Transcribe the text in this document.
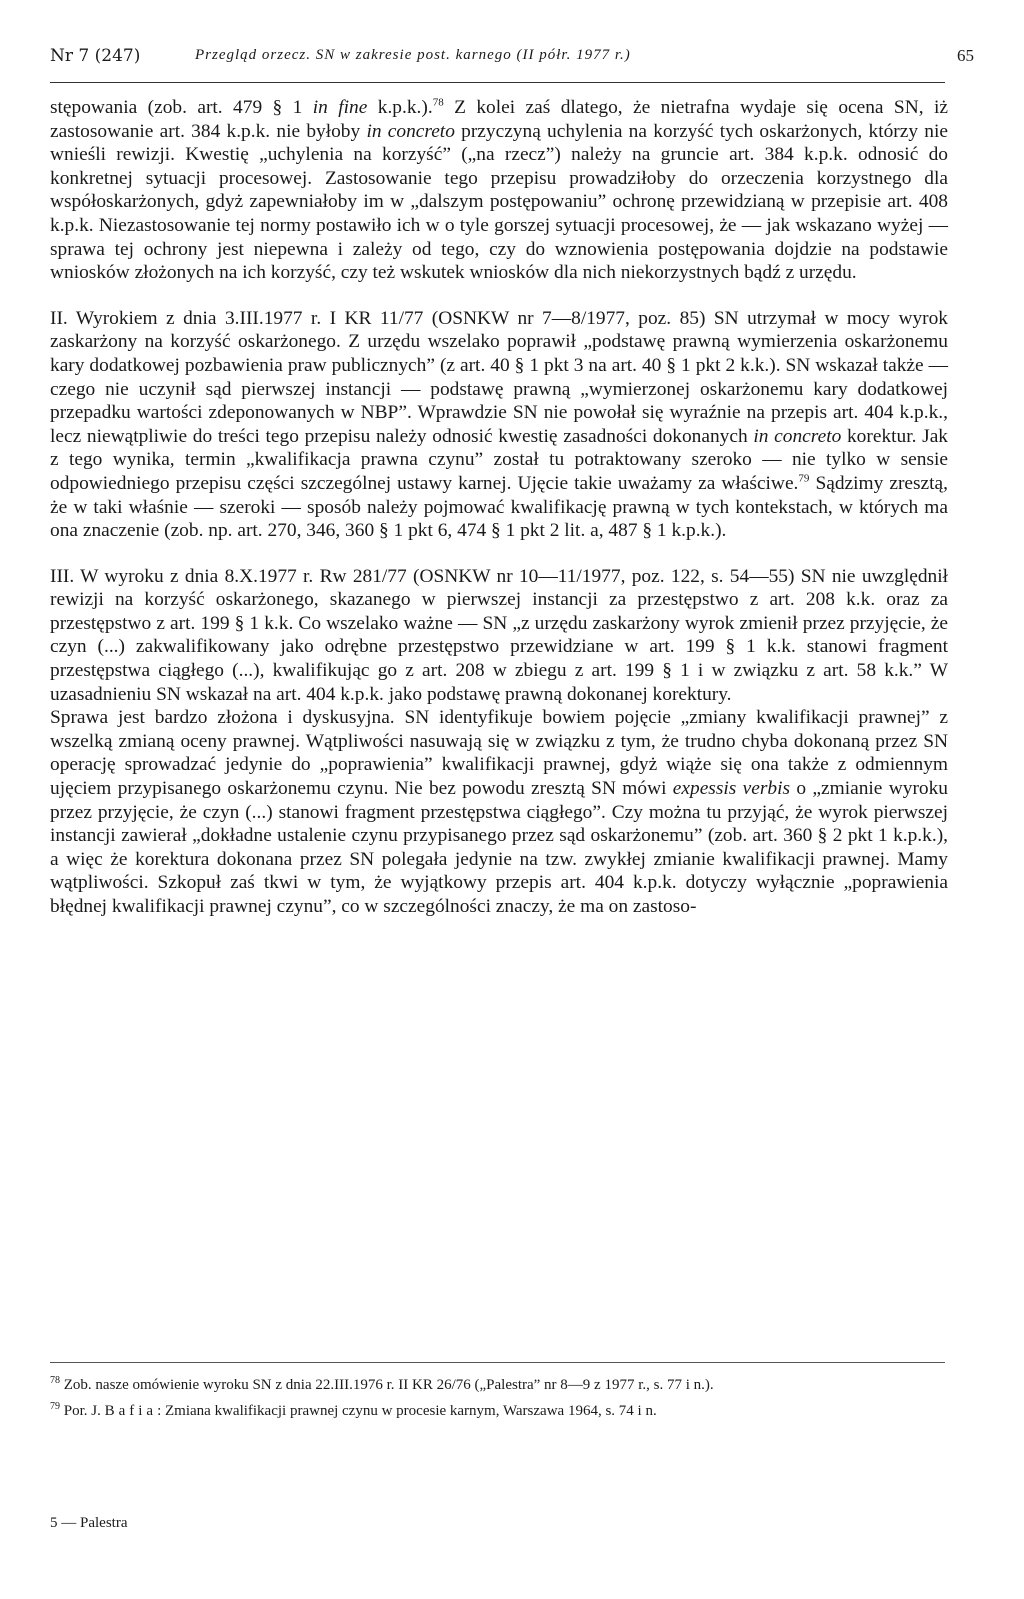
Nr 7 (247)	Przegląd orzecz. SN w zakresie post. karnego (II półr. 1977 r.)	65

stępowania (zob. art. 479 § 1 in fine k.p.k.).$^{78}$ Z kolei zaś dlatego, że nietrafna wydaje się ocena SN, iż zastosowanie art. 384 k.p.k. nie byłoby in concreto przyczyną uchylenia na korzyść tych oskarżonych, którzy nie wnieśli rewizji. Kwestię „uchylenia na korzyść” („na rzecz”) należy na gruncie art. 384 k.p.k. odnosić do konkretnej sytuacji procesowej. Zastosowanie tego przepisu prowadziłoby do orzeczenia korzystnego dla współoskarżonych, gdyż zapewniałoby im w „dalszym postępowaniu” ochronę przewidzianą w przepisie art. 408 k.p.k. Niezastosowanie tej normy postawiło ich w o tyle gorszej sytuacji procesowej, że — jak wskazano wyżej — sprawa tej ochrony jest niepewna i zależy od tego, czy do wznowienia postępowania dojdzie na podstawie wniosków złożonych na ich korzyść, czy też wskutek wniosków dla nich niekorzystnych bądź z urzędu.

II. Wyrokiem z dnia 3.III.1977 r. I KR 11/77 (OSNKW nr 7—8/1977, poz. 85) SN utrzymał w mocy wyrok zaskarżony na korzyść oskarżonego. Z urzędu wszelako poprawił „podstawę prawną wymierzenia oskarżonemu kary dodatkowej pozbawienia praw publicznych” (z art. 40 § 1 pkt 3 na art. 40 § 1 pkt 2 k.k.). SN wskazał także — czego nie uczynił sąd pierwszej instancji — podstawę prawną „wymierzonej oskarżonemu kary dodatkowej przepadku wartości zdeponowanych w NBP”. Wprawdzie SN nie powołał się wyraźnie na przepis art. 404 k.p.k., lecz niewątpliwie do treści tego przepisu należy odnosić kwestię zasadności dokonanych in concreto korektur. Jak z tego wynika, termin „kwalifikacja prawna czynu” został tu potraktowany szeroko — nie tylko w sensie odpowiedniego przepisu części szczególnej ustawy karnej. Ujęcie takie uważamy za właściwe.$^{79}$ Sądzimy zresztą, że w taki właśnie — szeroki — sposób należy pojmować kwalifikację prawną w tych kontekstach, w których ma ona znaczenie (zob. np. art. 270, 346, 360 § 1 pkt 6, 474 § 1 pkt 2 lit. a, 487 § 1 k.p.k.).

III. W wyroku z dnia 8.X.1977 r. Rw 281/77 (OSNKW nr 10—11/1977, poz. 122, s. 54—55) SN nie uwzględnił rewizji na korzyść oskarżonego, skazanego w pierwszej instancji za przestępstwo z art. 208 k.k. oraz za przestępstwo z art. 199 § 1 k.k. Co wszelako ważne — SN „z urzędu zaskarżony wyrok zmienił przez przyjęcie, że czyn (...) zakwalifikowany jako odrębne przestępstwo przewidziane w art. 199 § 1 k.k. stanowi fragment przestępstwa ciągłego (...), kwalifikując go z art. 208 w zbiegu z art. 199 § 1 i w związku z art. 58 k.k.” W uzasadnieniu SN wskazał na art. 404 k.p.k. jako podstawę prawną dokonanej korektury.

Sprawa jest bardzo złożona i dyskusyjna. SN identyfikuje bowiem pojęcie „zmiany kwalifikacji prawnej” z wszelką zmianą oceny prawnej. Wątpliwości nasuwają się w związku z tym, że trudno chyba dokonaną przez SN operację sprowadzać jedynie do „poprawienia” kwalifikacji prawnej, gdyż wiąże się ona także z odmiennym ujęciem przypisanego oskarżonemu czynu. Nie bez powodu zresztą SN mówi expessis verbis o „zmianie wyroku przez przyjęcie, że czyn (...) stanowi fragment przestępstwa ciągłego”. Czy można tu przyjąć, że wyrok pierwszej instancji zawierał „dokładne ustalenie czynu przypisanego przez sąd oskarżonemu” (zob. art. 360 § 2 pkt 1 k.p.k.), a więc że korektura dokonana przez SN polegała jedynie na tzw. zwykłej zmianie kwalifikacji prawnej. Mamy wątpliwości. Szkopuł zaś tkwi w tym, że wyjątkowy przepis art. 404 k.p.k. dotyczy wyłącznie „poprawienia błędnej kwalifikacji prawnej czynu”, co w szczególności znaczy, że ma on zastoso-

$^{78}$ Zob. nasze omówienie wyroku SN z dnia 22.III.1976 r. II KR 26/76 („Palestra” nr 8—9 z 1977 r., s. 77 i n.).

$^{79}$ Por. J. Bafia: Zmiana kwalifikacji prawnej czynu w procesie karnym, Warszawa 1964, s. 74 i n.

5 — Palestra
